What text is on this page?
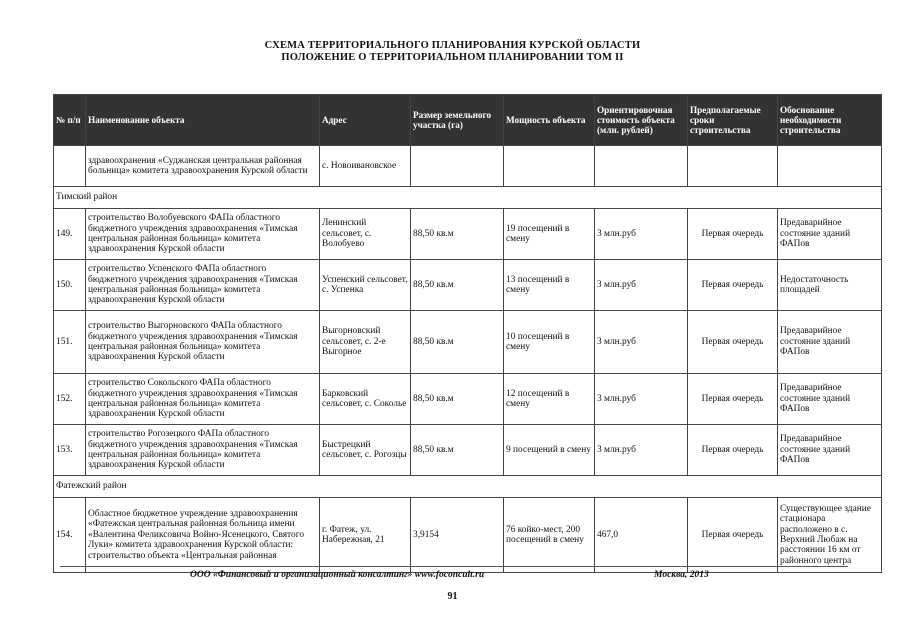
СХЕМА ТЕРРИТОРИАЛЬНОГО ПЛАНИРОВАНИЯ КУРСКОЙ ОБЛАСТИ
ПОЛОЖЕНИЕ О ТЕРРИТОРИАЛЬНОМ ПЛАНИРОВАНИИ ТОМ II
№ п/п	Наименование объекта	Адрес	Размер земельного участка (га)	Мощность объекта	Ориентировочная стоимость объекта (млн. рублей)	Предполагаемые сроки строительства	Обоснование необходимости строительства
	здравоохранения «Суджанская центральная районная больница» комитета здравоохранения Курской области	с. Новоивановское					
Тимский район							
149.	строительство Волобуевского ФАПа областного бюджетного учреждения здравоохранения «Тимская центральная районная больница» комитета здравоохранения Курской области	Ленинский сельсовет, с. Волобуево	88,50 кв.м	19 посещений в смену	3 млн.руб	Первая очередь	Предаварийное состояние зданий ФАПов
150.	строительство Успенского ФАПа областного бюджетного учреждения здравоохранения «Тимская центральная районная больница» комитета здравоохранения Курской области	Успенский сельсовет, с. Успенка	88,50 кв.м	13 посещений в смену	3 млн.руб	Первая очередь	Недостаточность площадей
151.	строительство Выгорновского ФАПа областного бюджетного учреждения здравоохранения «Тимская центральная районная больница» комитета здравоохранения Курской области	Выгорновский сельсовет, с. 2-е Выгорное	88,50 кв.м	10 посещений в смену	3 млн.руб	Первая очередь	Предаварийное состояние зданий ФАПов
152.	строительство Сокольского ФАПа областного бюджетного учреждения здравоохранения «Тимская центральная районная больница» комитета здравоохранения Курской области	Барковский сельсовет, с. Соколье	88,50 кв.м	12 посещений в смену	3 млн.руб	Первая очередь	Предаварийное состояние зданий ФАПов
153.	строительство Рогозецкого ФАПа областного бюджетного учреждения здравоохранения «Тимская центральная районная больница» комитета здравоохранения Курской области	Быстрецкий сельсовет, с. Рогозцы	88,50 кв.м	9 посещений в смену	3 млн.руб	Первая очередь	Предаварийное состояние зданий ФАПов
Фатежский район							
154.	Областное бюджетное учреждение здравоохранения «Фатежская центральная районная больница имени «Валентина Феликсовича Войно-Ясенецкого, Святого Луки» комитета здравоохранения Курской области: строительство объекта «Центральная районная	г. Фатеж, ул. Набережная, 21	3,9154	76 койко-мест, 200 посещений в смену	467,0	Первая очередь	Существующее здание стационара расположено в с. Верхний Любаж на расстоянии 16 км от районного центра
ООО «Финансовый и организационный консалтинг» www.foconcult.ru	Москва, 2013
91
